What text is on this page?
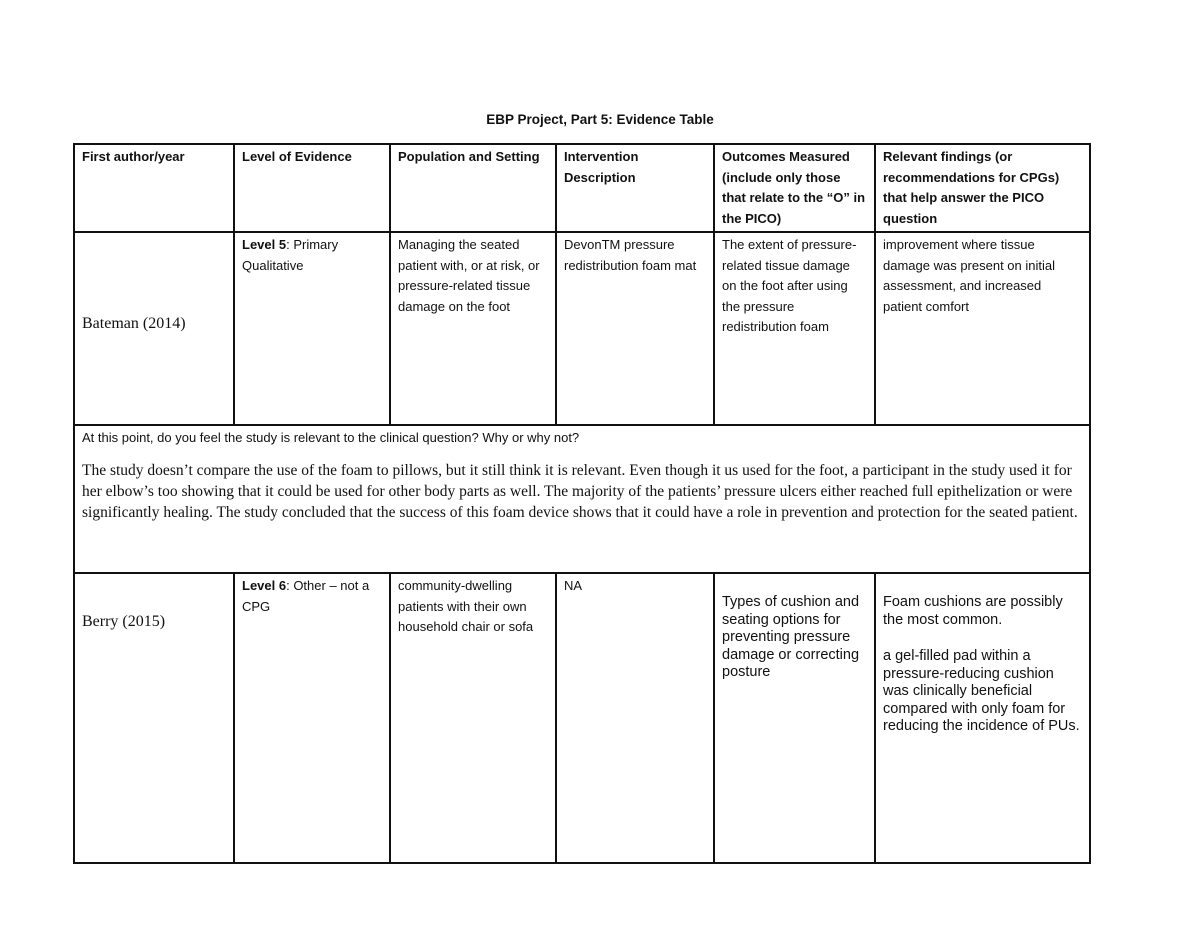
EBP Project, Part 5: Evidence Table
First author/year	Level of Evidence	Population and Setting	Intervention Description	Outcomes Measured (include only those that relate to the “O” in the PICO)	Relevant findings (or recommendations for CPGs) that help answer the PICO question
Bateman (2014)	Level 5: Primary Qualitative	Managing the seated patient with, or at risk, or pressure-related tissue damage on the foot	DevonTM pressure redistribution foam mat	The extent of pressure-related tissue damage on the foot after using the pressure redistribution foam	improvement where tissue damage was present on initial assessment, and increased patient comfort

At this point, do you feel the study is relevant to the clinical question? Why or why not?
The study doesn’t compare the use of the foam to pillows, but it still think it is relevant. Even though it us used for the foot, a participant in the study used it for her elbow’s too showing that it could be used for other body parts as well. The majority of the patients’ pressure ulcers either reached full epithelization or were significantly healing. The study concluded that the success of this foam device shows that it could have a role in prevention and protection for the seated patient.					

Berry (2015)	Level 6: Other – not a CPG	community-dwelling patients with their own household chair or sofa	NA	Types of cushion and seating options for preventing pressure damage or correcting posture	Foam cushions are possibly the most common.

a gel-filled pad within a pressure-reducing cushion was clinically beneficial compared with only foam for reducing the incidence of PUs.
